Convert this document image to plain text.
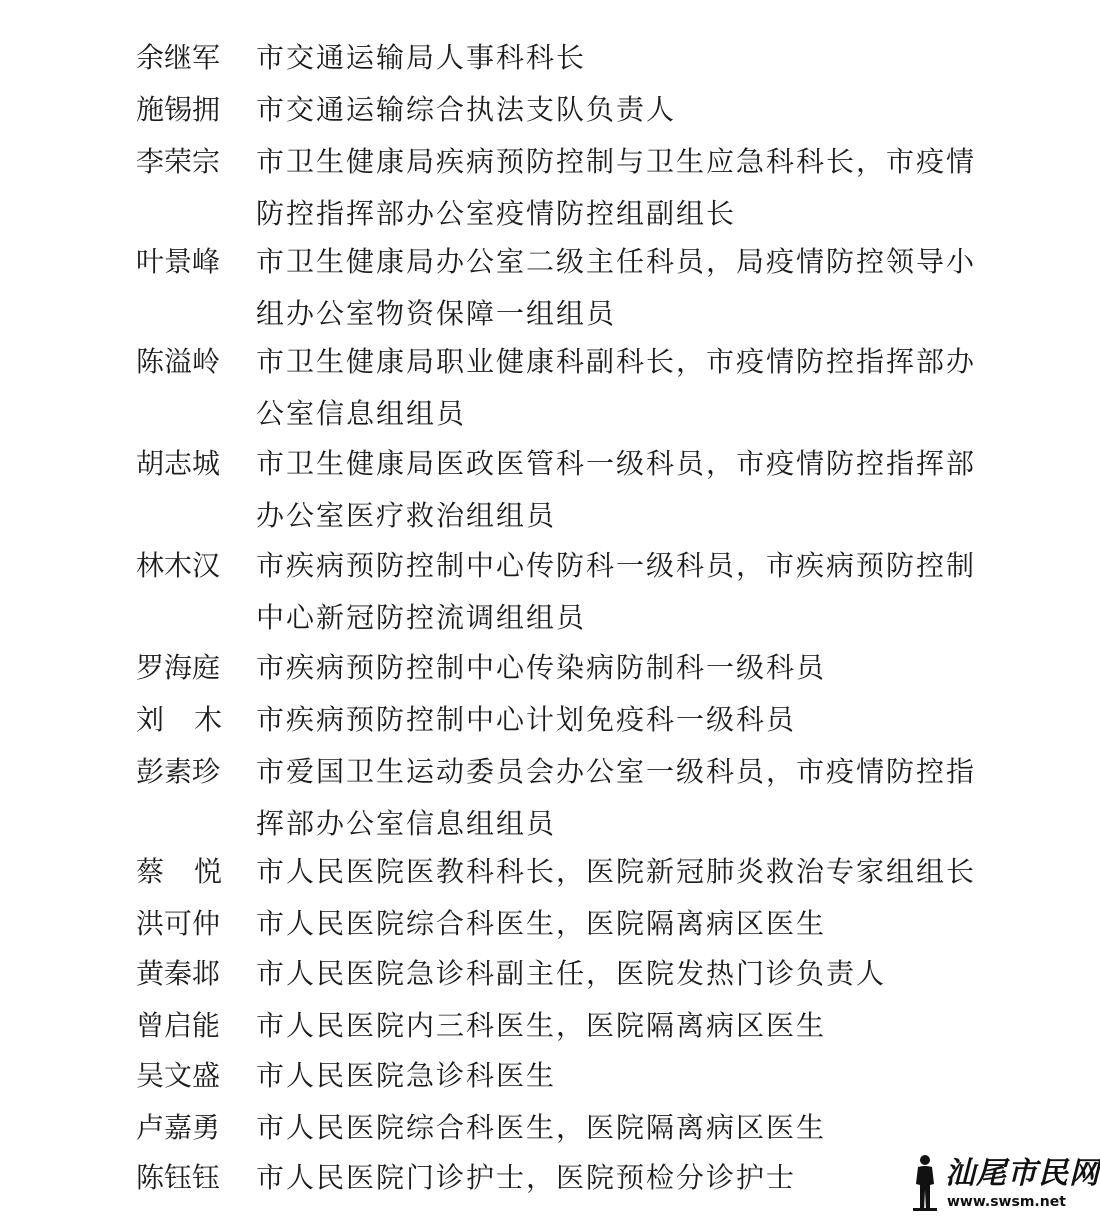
余继军	市交通运输局人事科科长
施锡拥	市交通运输综合执法支队负责人
李荣宗	市卫生健康局疾病预防控制与卫生应急科科长，市疫情
防控指挥部办公室疫情防控组副组长
叶景峰	市卫生健康局办公室二级主任科员，局疫情防控领导小
组办公室物资保障一组组员
陈溢岭	市卫生健康局职业健康科副科长，市疫情防控指挥部办
公室信息组组员
胡志城	市卫生健康局医政医管科一级科员，市疫情防控指挥部
办公室医疗救治组组员
林木汉	市疾病预防控制中心传防科一级科员，市疾病预防控制
中心新冠防控流调组组员
罗海庭	市疾病预防控制中心传染病防制科一级科员
刘木 市疾病预防控制中心计划免疫科一级科员
彭素珍	市爱国卫生运动委员会办公室一级科员，市疫情防控指
挥部办公室信息组组员
蔡悦 市人民医院医教科科长，医院新冠肺炎救治专家组组长
洪可仲	市人民医院综合科医生，医院隔离病区医生
黄秦邶	市人民医院急诊科副主任，医院发热门诊负责人
曾启能	市人民医院内三科医生，医院隔离病区医生
吴文盛	市人民医院急诊科医生
卢嘉勇	市人民医院综合科医生，医院隔离病区医生
陈钰钰	市人民医院门诊护士，医院预检分诊护士	汕尾市民网
www.swsm.net
